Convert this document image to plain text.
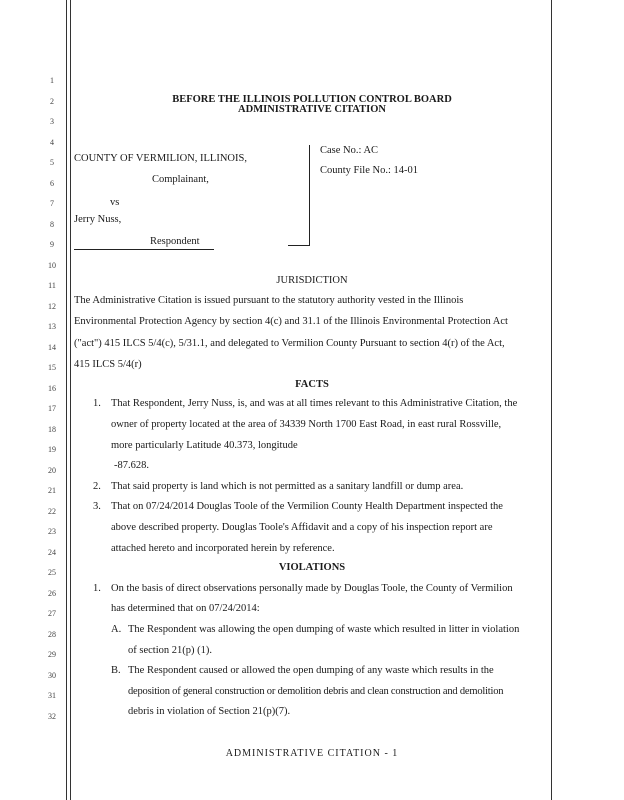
1
2
3
4
5
6
7
8
9
10
11
12
13
14
15
16
17
18
19
20
21
22
23
24
25
26
27
28
29
30
31
32
BEFORE THE ILLINOIS POLLUTION CONTROL BOARD
ADMINISTRATIVE CITATION
COUNTY OF VERMILION, ILLINOIS,
Complainant,
vs
Jerry Nuss,
Respondent
Case No.: AC
County File No.: 14-01
JURISDICTION
The Administrative Citation is issued pursuant to the statutory authority vested in the Illinois
Environmental Protection Agency by section 4(c) and 31.1 of the Illinois Environmental Protection Act
("act") 415 ILCS 5/4(c), 5/31.1, and delegated to Vermilion County Pursuant to section 4(r) of the Act,
415 ILCS 5/4(r)
FACTS
1. That Respondent, Jerry Nuss, is, and was at all times relevant to this Administrative Citation, the
owner of property located at the area of 34339 North 1700 East Road, in east rural Rossville,
more particularly Latitude 40.373, longitude
-87.628.
2. That said property is land which is not permitted as a sanitary landfill or dump area.
3. That on 07/24/2014 Douglas Toole of the Vermilion County Health Department inspected the
above described property. Douglas Toole's Affidavit and a copy of his inspection report are
attached hereto and incorporated herein by reference.
VIOLATIONS
1. On the basis of direct observations personally made by Douglas Toole, the County of Vermilion
has determined that on 07/24/2014:
A. The Respondent was allowing the open dumping of waste which resulted in litter in violation
of section 21(p) (1).
B. The Respondent caused or allowed the open dumping of any waste which results in the
deposition of general construction or demolition debris and clean construction and demolition
debris in violation of Section 21(p)(7).
ADMINISTRATIVE CITATION - 1
